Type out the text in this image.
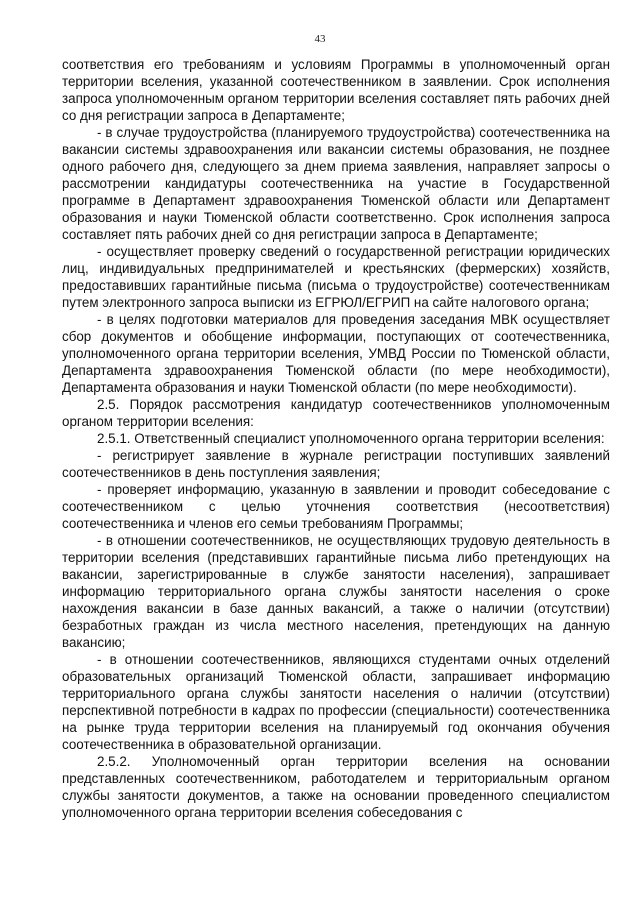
43

соответствия его требованиям и условиям Программы в уполномоченный орган территории вселения, указанной соотечественником в заявлении. Срок исполнения запроса уполномоченным органом территории вселения составляет пять рабочих дней со дня регистрации запроса в Департаменте;

- в случае трудоустройства (планируемого трудоустройства) соотечественника на вакансии системы здравоохранения или вакансии системы образования, не позднее одного рабочего дня, следующего за днем приема заявления, направляет запросы о рассмотрении кандидатуры соотечественника на участие в Государственной программе в Департамент здравоохранения Тюменской области или Департамент образования и науки Тюменской области соответственно. Срок исполнения запроса составляет пять рабочих дней со дня регистрации запроса в Департаменте;

- осуществляет проверку сведений о государственной регистрации юридических лиц, индивидуальных предпринимателей и крестьянских (фермерских) хозяйств, предоставивших гарантийные письма (письма о трудоустройстве) соотечественникам путем электронного запроса выписки из ЕГРЮЛ/ЕГРИП на сайте налогового органа;

- в целях подготовки материалов для проведения заседания МВК осуществляет сбор документов и обобщение информации, поступающих от соотечественника, уполномоченного органа территории вселения, УМВД России по Тюменской области, Департамента здравоохранения Тюменской области (по мере необходимости), Департамента образования и науки Тюменской области (по мере необходимости).

2.5. Порядок рассмотрения кандидатур соотечественников уполномоченным органом территории вселения:

2.5.1. Ответственный специалист уполномоченного органа территории вселения:

- регистрирует заявление в журнале регистрации поступивших заявлений соотечественников в день поступления заявления;

- проверяет информацию, указанную в заявлении и проводит собеседование с соотечественником с целью уточнения соответствия (несоответствия) соотечественника и членов его семьи требованиям Программы;

- в отношении соотечественников, не осуществляющих трудовую деятельность в территории вселения (представивших гарантийные письма либо претендующих на вакансии, зарегистрированные в службе занятости населения), запрашивает информацию территориального органа службы занятости населения о сроке нахождения вакансии в базе данных вакансий, а также о наличии (отсутствии) безработных граждан из числа местного населения, претендующих на данную вакансию;

- в отношении соотечественников, являющихся студентами очных отделений образовательных организаций Тюменской области, запрашивает информацию территориального органа службы занятости населения о наличии (отсутствии) перспективной потребности в кадрах по профессии (специальности) соотечественника на рынке труда территории вселения на планируемый год окончания обучения соотечественника в образовательной организации.

2.5.2. Уполномоченный орган территории вселения на основании представленных соотечественником, работодателем и территориальным органом службы занятости документов, а также на основании проведенного специалистом уполномоченного органа территории вселения собеседования с
